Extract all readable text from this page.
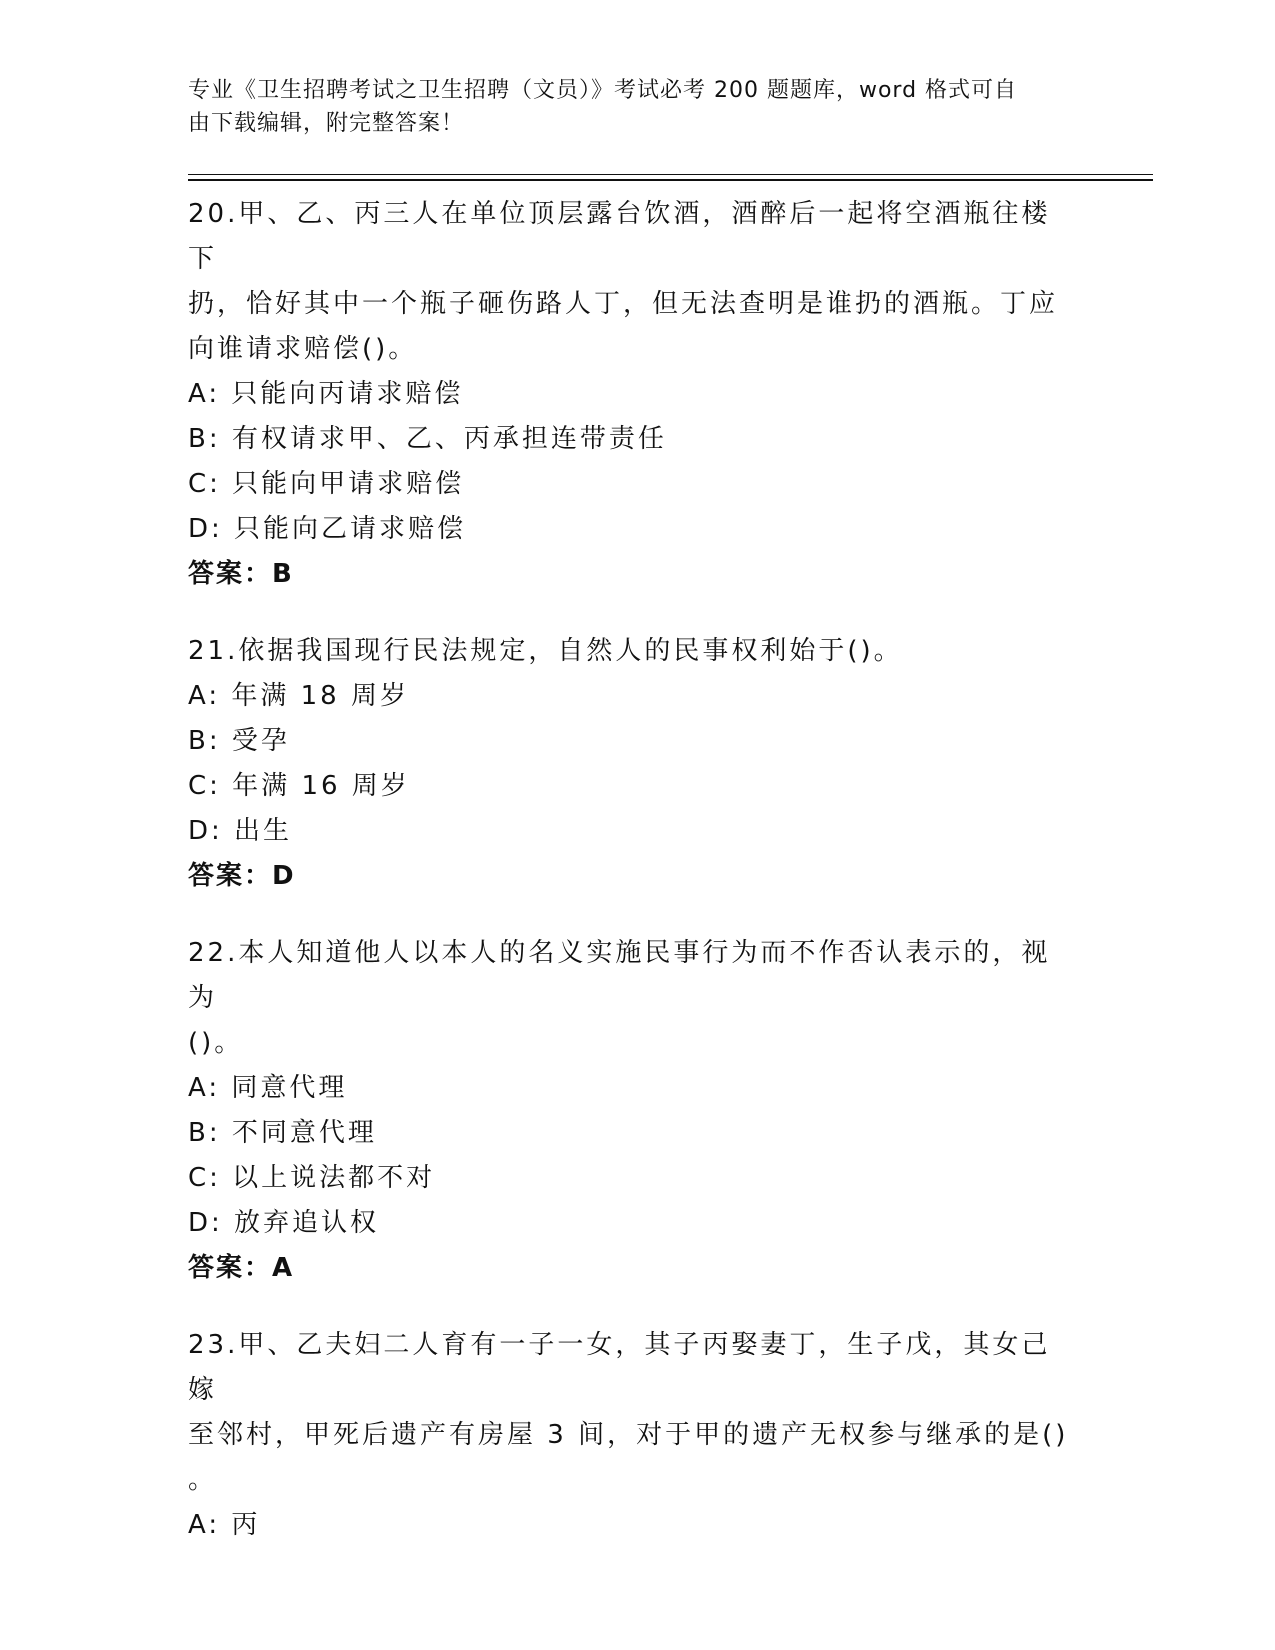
专业《卫生招聘考试之卫生招聘（文员）》考试必考 200 题题库，word 格式可自
由下载编辑，附完整答案！

20.甲、乙、丙三人在单位顶层露台饮酒，酒醉后一起将空酒瓶往楼下

扔，恰好其中一个瓶子砸伤路人丁，但无法查明是谁扔的酒瓶。丁应

向谁请求赔偿()。

A: 只能向丙请求赔偿

B: 有权请求甲、乙、丙承担连带责任

C: 只能向甲请求赔偿

D: 只能向乙请求赔偿

答案：B

21.依据我国现行民法规定，自然人的民事权利始于()。

A: 年满 18 周岁

B: 受孕

C: 年满 16 周岁

D: 出生

答案：D

22.本人知道他人以本人的名义实施民事行为而不作否认表示的，视为

()。

A: 同意代理

B: 不同意代理

C: 以上说法都不对

D: 放弃追认权

答案：A

23.甲、乙夫妇二人育有一子一女，其子丙娶妻丁，生子戊，其女己嫁

至邻村，甲死后遗产有房屋 3 间，对于甲的遗产无权参与继承的是()

。

A: 丙
